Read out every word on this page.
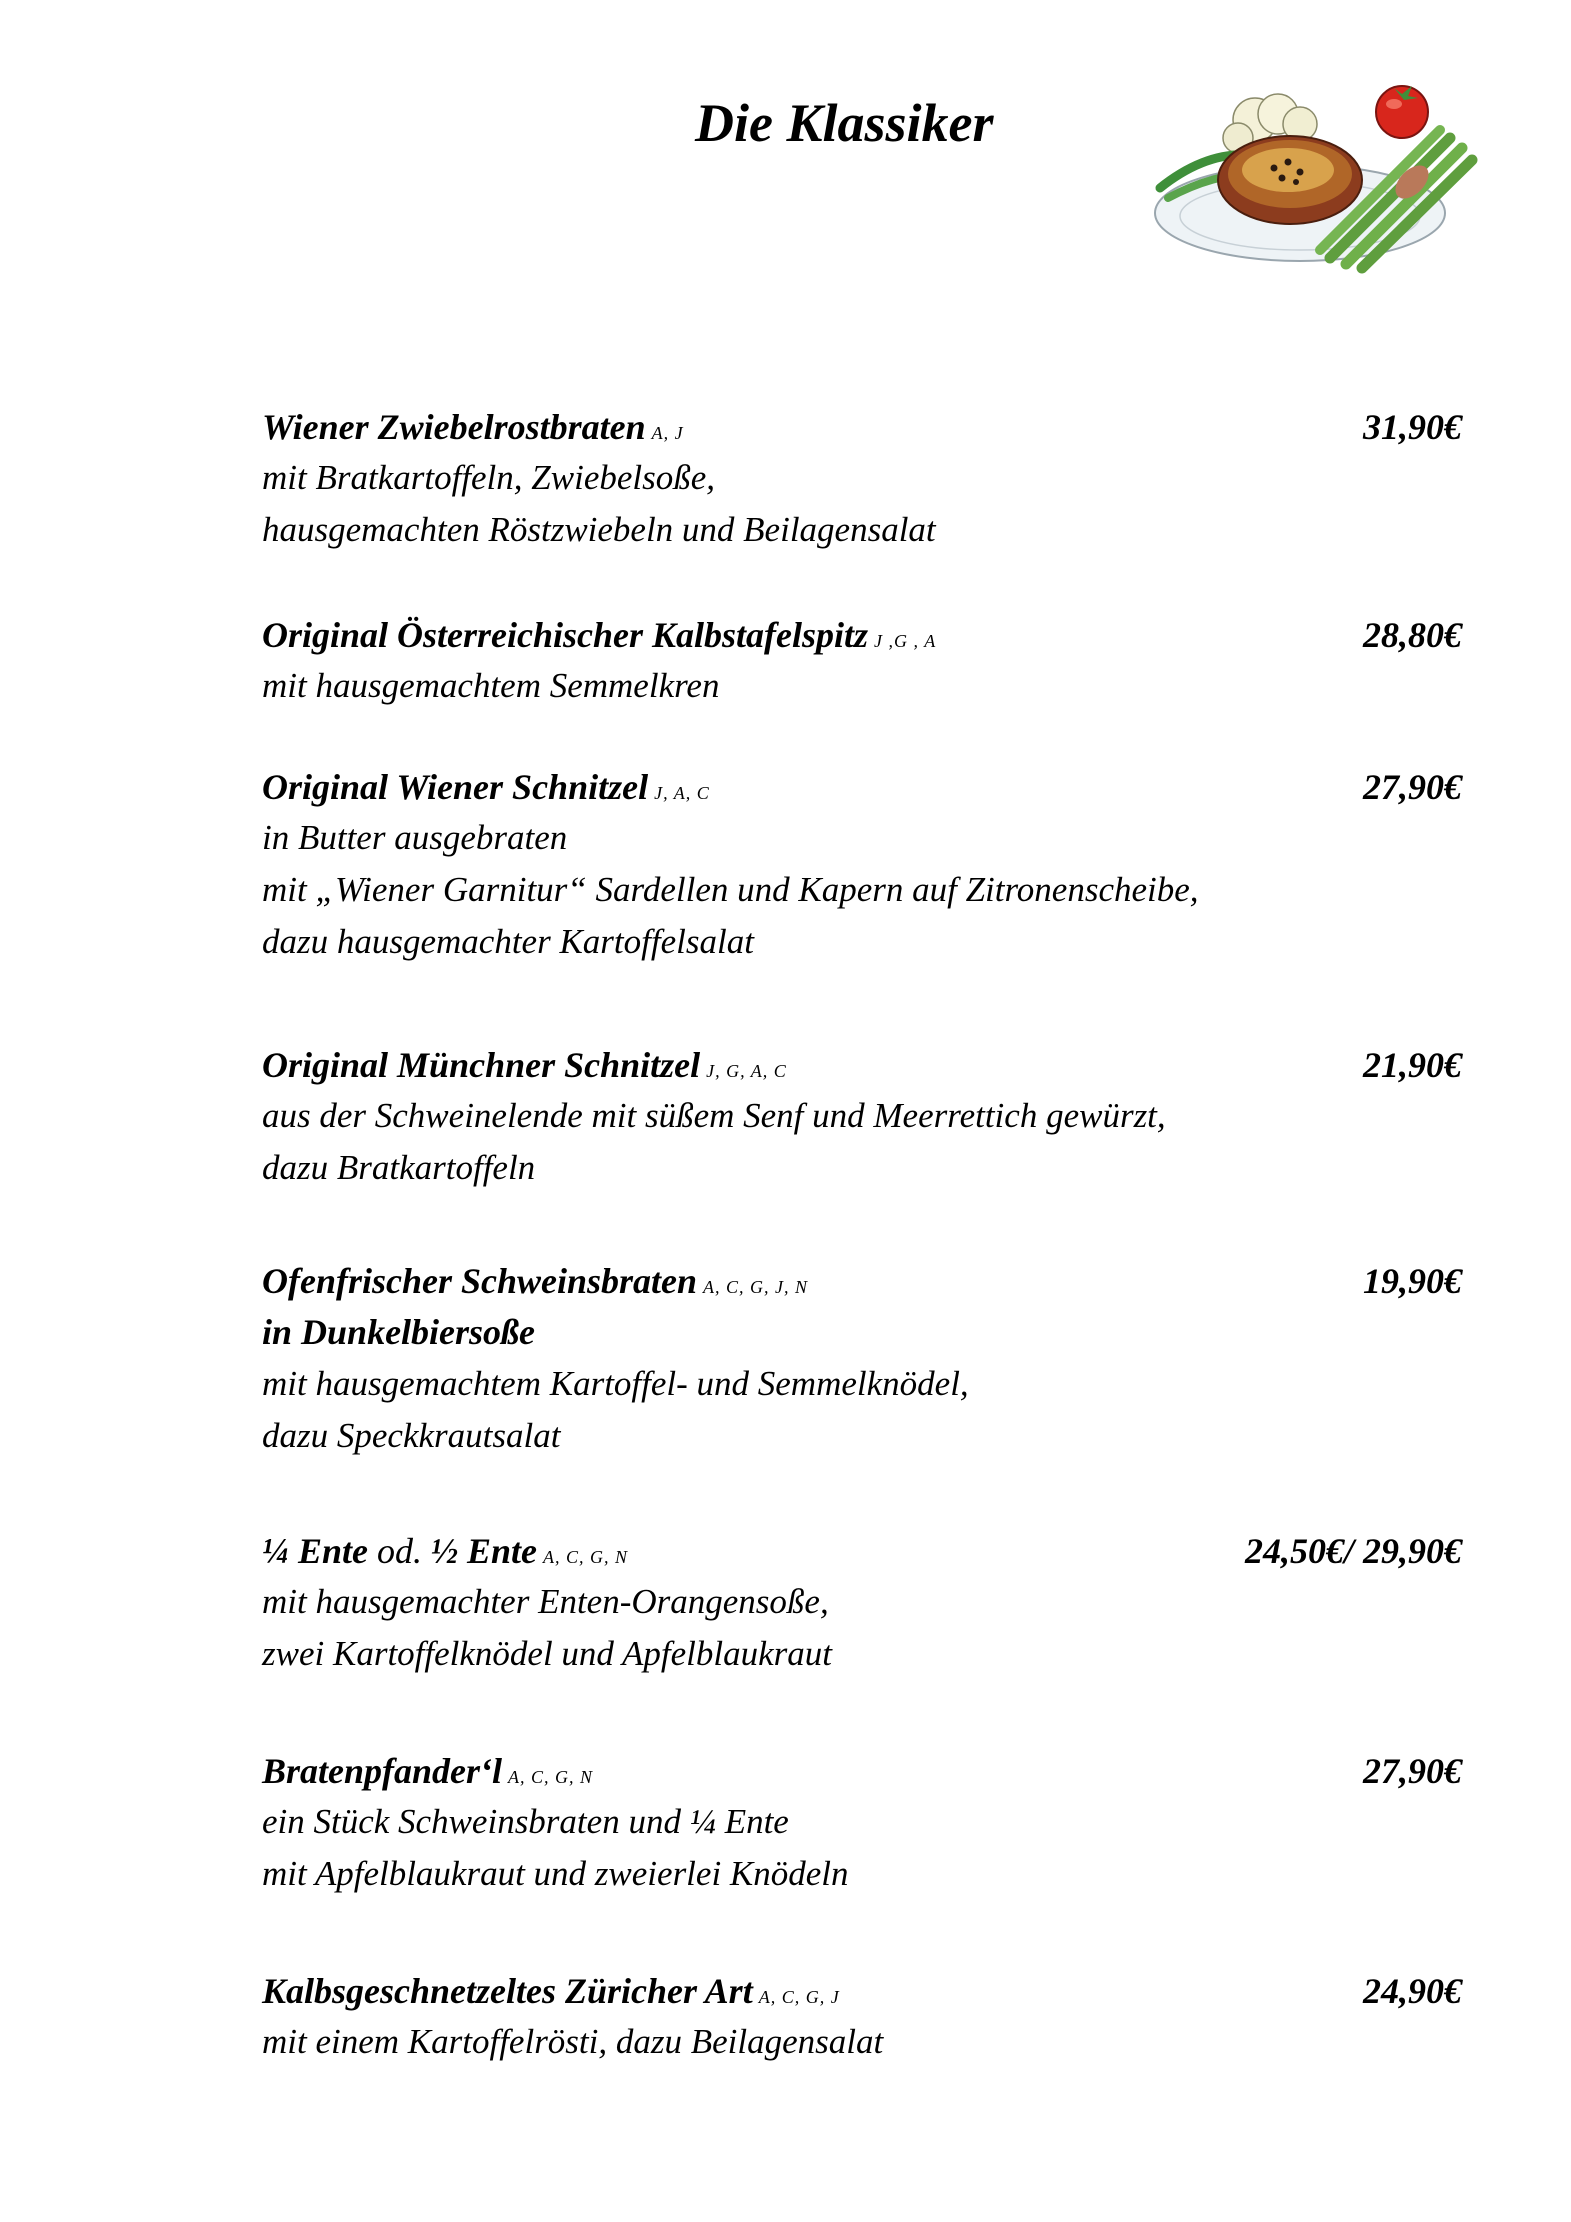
Die Klassiker
Wiener Zwiebelrostbraten A, J	31,90€
mit Bratkartoffeln, Zwiebelsoße,
hausgemachten Röstzwiebeln und Beilagensalat
Original Österreichischer Kalbstafelspitz J ,G , A	28,80€
mit hausgemachtem Semmelkren
Original Wiener Schnitzel J, A, C	27,90€
in Butter ausgebraten
mit „Wiener Garnitur“ Sardellen und Kapern auf Zitronenscheibe,
dazu hausgemachter Kartoffelsalat
Original Münchner Schnitzel J, G, A, C	21,90€
aus der Schweinelende mit süßem Senf und Meerrettich gewürzt,
dazu Bratkartoffeln
Ofenfrischer Schweinsbraten A, C, G, J, N	19,90€
in Dunkelbiersoße
mit hausgemachtem Kartoffel- und Semmelknödel,
dazu Speckkrautsalat
¼ Ente od. ½ Ente A, C, G, N	24,50€/ 29,90€
mit hausgemachter Enten-Orangensoße,
zwei Kartoffelknödel und Apfelblaukraut
Bratenpfander‘l A, C, G, N	27,90€
ein Stück Schweinsbraten und ¼ Ente
mit Apfelblaukraut und zweierlei Knödeln
Kalbsgeschnetzeltes Züricher Art A, C, G, J	24,90€
mit einem Kartoffelrösti, dazu Beilagensalat
